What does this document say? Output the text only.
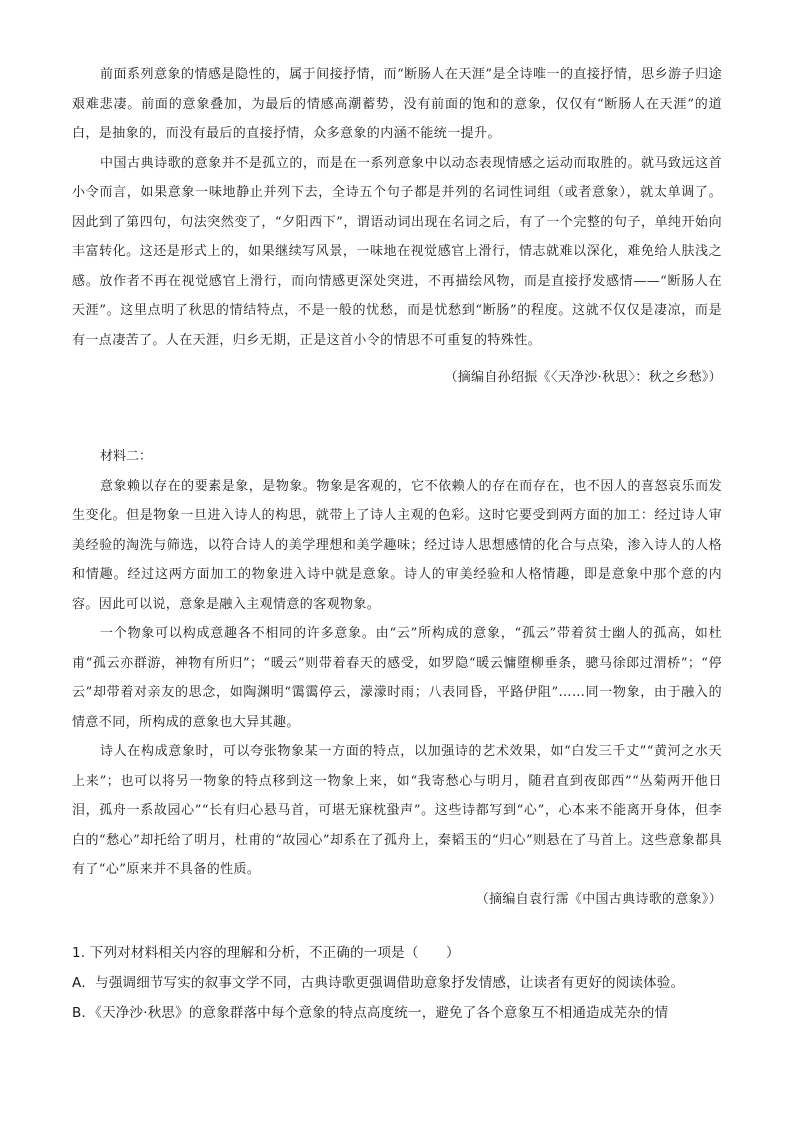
前面系列意象的情感是隐性的，属于间接抒情，而“断肠人在天涯”是全诗唯一的直接抒情，思乡游子归途艰难悲凄。前面的意象叠加，为最后的情感高潮蓄势，没有前面的饱和的意象，仅仅有“断肠人在天涯”的道白，是抽象的，而没有最后的直接抒情，众多意象的内涵不能统一提升。

中国古典诗歌的意象并不是孤立的，而是在一系列意象中以动态表现情感之运动而取胜的。就马致远这首小令而言，如果意象一味地静止并列下去，全诗五个句子都是并列的名词性词组（或者意象），就太单调了。因此到了第四句，句法突然变了，“夕阳西下”，谓语动词出现在名词之后，有了一个完整的句子，单纯开始向丰富转化。这还是形式上的，如果继续写风景，一味地在视觉感官上滑行，情志就难以深化，难免给人肤浅之感。放作者不再在视觉感官上滑行，而向情感更深处突进，不再描绘风物，而是直接抒发感情——“断肠人在天涯”。这里点明了秋思的情结特点，不是一般的忧愁，而是忧愁到“断肠”的程度。这就不仅仅是凄凉，而是有一点凄苦了。人在天涯，归乡无期，正是这首小令的情思不可重复的特殊性。

（摘编自孙绍振《〈天净沙·秋思〉：秋之乡愁》）

材料二：

意象赖以存在的要素是象，是物象。物象是客观的，它不依赖人的存在而存在，也不因人的喜怒哀乐而发生变化。但是物象一旦进入诗人的构思，就带上了诗人主观的色彩。这时它要受到两方面的加工：经过诗人审美经验的淘洗与筛选，以符合诗人的美学理想和美学趣味；经过诗人思想感情的化合与点染，渗入诗人的人格和情趣。经过这两方面加工的物象进入诗中就是意象。诗人的审美经验和人格情趣，即是意象中那个意的内容。因此可以说，意象是融入主观情意的客观物象。

一个物象可以构成意趣各不相同的许多意象。由“云”所构成的意象，“孤云”带着贫士幽人的孤高，如杜甫“孤云亦群游，神物有所归”；“暖云”则带着春天的感受，如罗隐“暖云慵堕柳垂条，骢马徐郎过渭桥”；“停云”却带着对亲友的思念，如陶渊明“霭霭停云，濛濛时雨；八表同昏，平路伊阻”……同一物象，由于融入的情意不同，所构成的意象也大异其趣。

诗人在构成意象时，可以夸张物象某一方面的特点，以加强诗的艺术效果，如“白发三千丈”“黄河之水天上来”；也可以将另一物象的特点移到这一物象上来，如“我寄愁心与明月，随君直到夜郎西”“丛菊两开他日泪，孤舟一系故园心”“长有归心悬马首，可堪无寐枕蛩声”。这些诗都写到“心”，心本来不能离开身体，但李白的“愁心”却托给了明月，杜甫的“故园心”却系在了孤舟上，秦韬玉的“归心”则悬在了马首上。这些意象都具有了“心”原来并不具备的性质。

（摘编自袁行霈《中国古典诗歌的意象》）

1. 下列对材料相关内容的理解和分析，不正确的一项是（　　）

A．与强调细节写实的叙事文学不同，古典诗歌更强调借助意象抒发情感，让读者有更好的阅读体验。

B．《天净沙·秋思》的意象群落中每个意象的特点高度统一，避免了各个意象互不相通造成芜杂的情
